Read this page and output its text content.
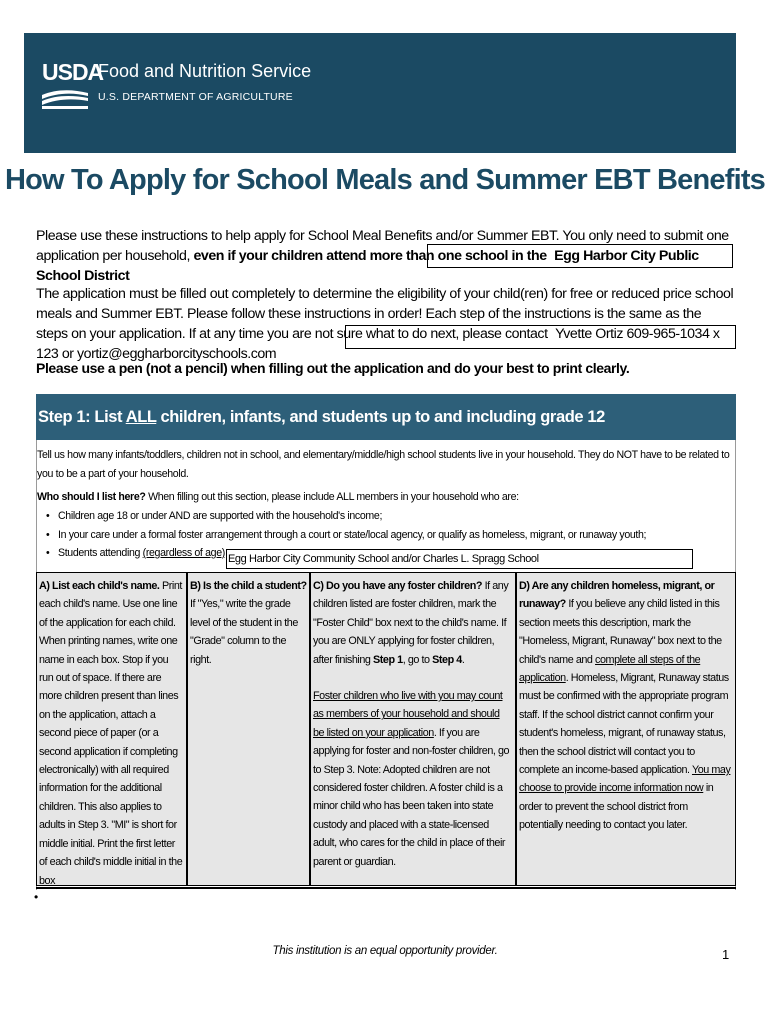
USDA
Food and Nutrition Service
U.S. DEPARTMENT OF AGRICULTURE
How To Apply for School Meals and Summer EBT Benefits
Please use these instructions to help apply for School Meal Benefits and/or Summer EBT. You only need to submit one application per household, even if your children attend more than one school in the Egg Harbor City Public School District
The application must be filled out completely to determine the eligibility of your child(ren) for free or reduced price school meals and Summer EBT. Please follow these instructions in order! Each step of the instructions is the same as the steps on your application. If at any time you are not sure what to do next, please contact Yvette Ortiz 609-965-1034 x 123 or yortiz@eggharborcityschools.com
Please use a pen (not a pencil) when filling out the application and do your best to print clearly.
Step 1: List ALL children, infants, and students up to and including grade 12
Tell us how many infants/toddlers, children not in school, and elementary/middle/high school students live in your household. They do NOT have to be related to you to be a part of your household.
Who should I list here? When filling out this section, please include ALL members in your household who are:
• Children age 18 or under AND are supported with the household's income;
• In your care under a formal foster arrangement through a court or state/local agency, or qualify as homeless, migrant, or runaway youth;
• Students attending (regardless of age) Egg Harbor City Community School and/or Charles L. Spragg School
A) List each child's name. Print each child's name. Use one line of the application for each child. When printing names, write one name in each box. Stop if you run out of space. If there are more children present than lines on the application, attach a second piece of paper (or a second application if completing electronically) with all required information for the additional children. This also applies to adults in Step 3. "MI" is short for middle initial. Print the first letter of each child's middle initial in the box
B) Is the child a student? If "Yes," write the grade level of the student in the "Grade" column to the right.
C) Do you have any foster children? If any children listed are foster children, mark the "Foster Child" box next to the child's name. If you are ONLY applying for foster children, after finishing Step 1, go to Step 4.
Foster children who live with you may count as members of your household and should be listed on your application. If you are applying for foster and non-foster children, go to Step 3. Note: Adopted children are not considered foster children. A foster child is a minor child who has been taken into state custody and placed with a state-licensed adult, who cares for the child in place of their parent or guardian.
D) Are any children homeless, migrant, or runaway? If you believe any child listed in this section meets this description, mark the "Homeless, Migrant, Runaway" box next to the child's name and complete all steps of the application. Homeless, Migrant, Runaway status must be confirmed with the appropriate program staff. If the school district cannot confirm your student's homeless, migrant, of runaway status, then the school district will contact you to complete an income-based application. You may choose to provide income information now in order to prevent the school district from potentially needing to contact you later.
•
This institution is an equal opportunity provider.	1
